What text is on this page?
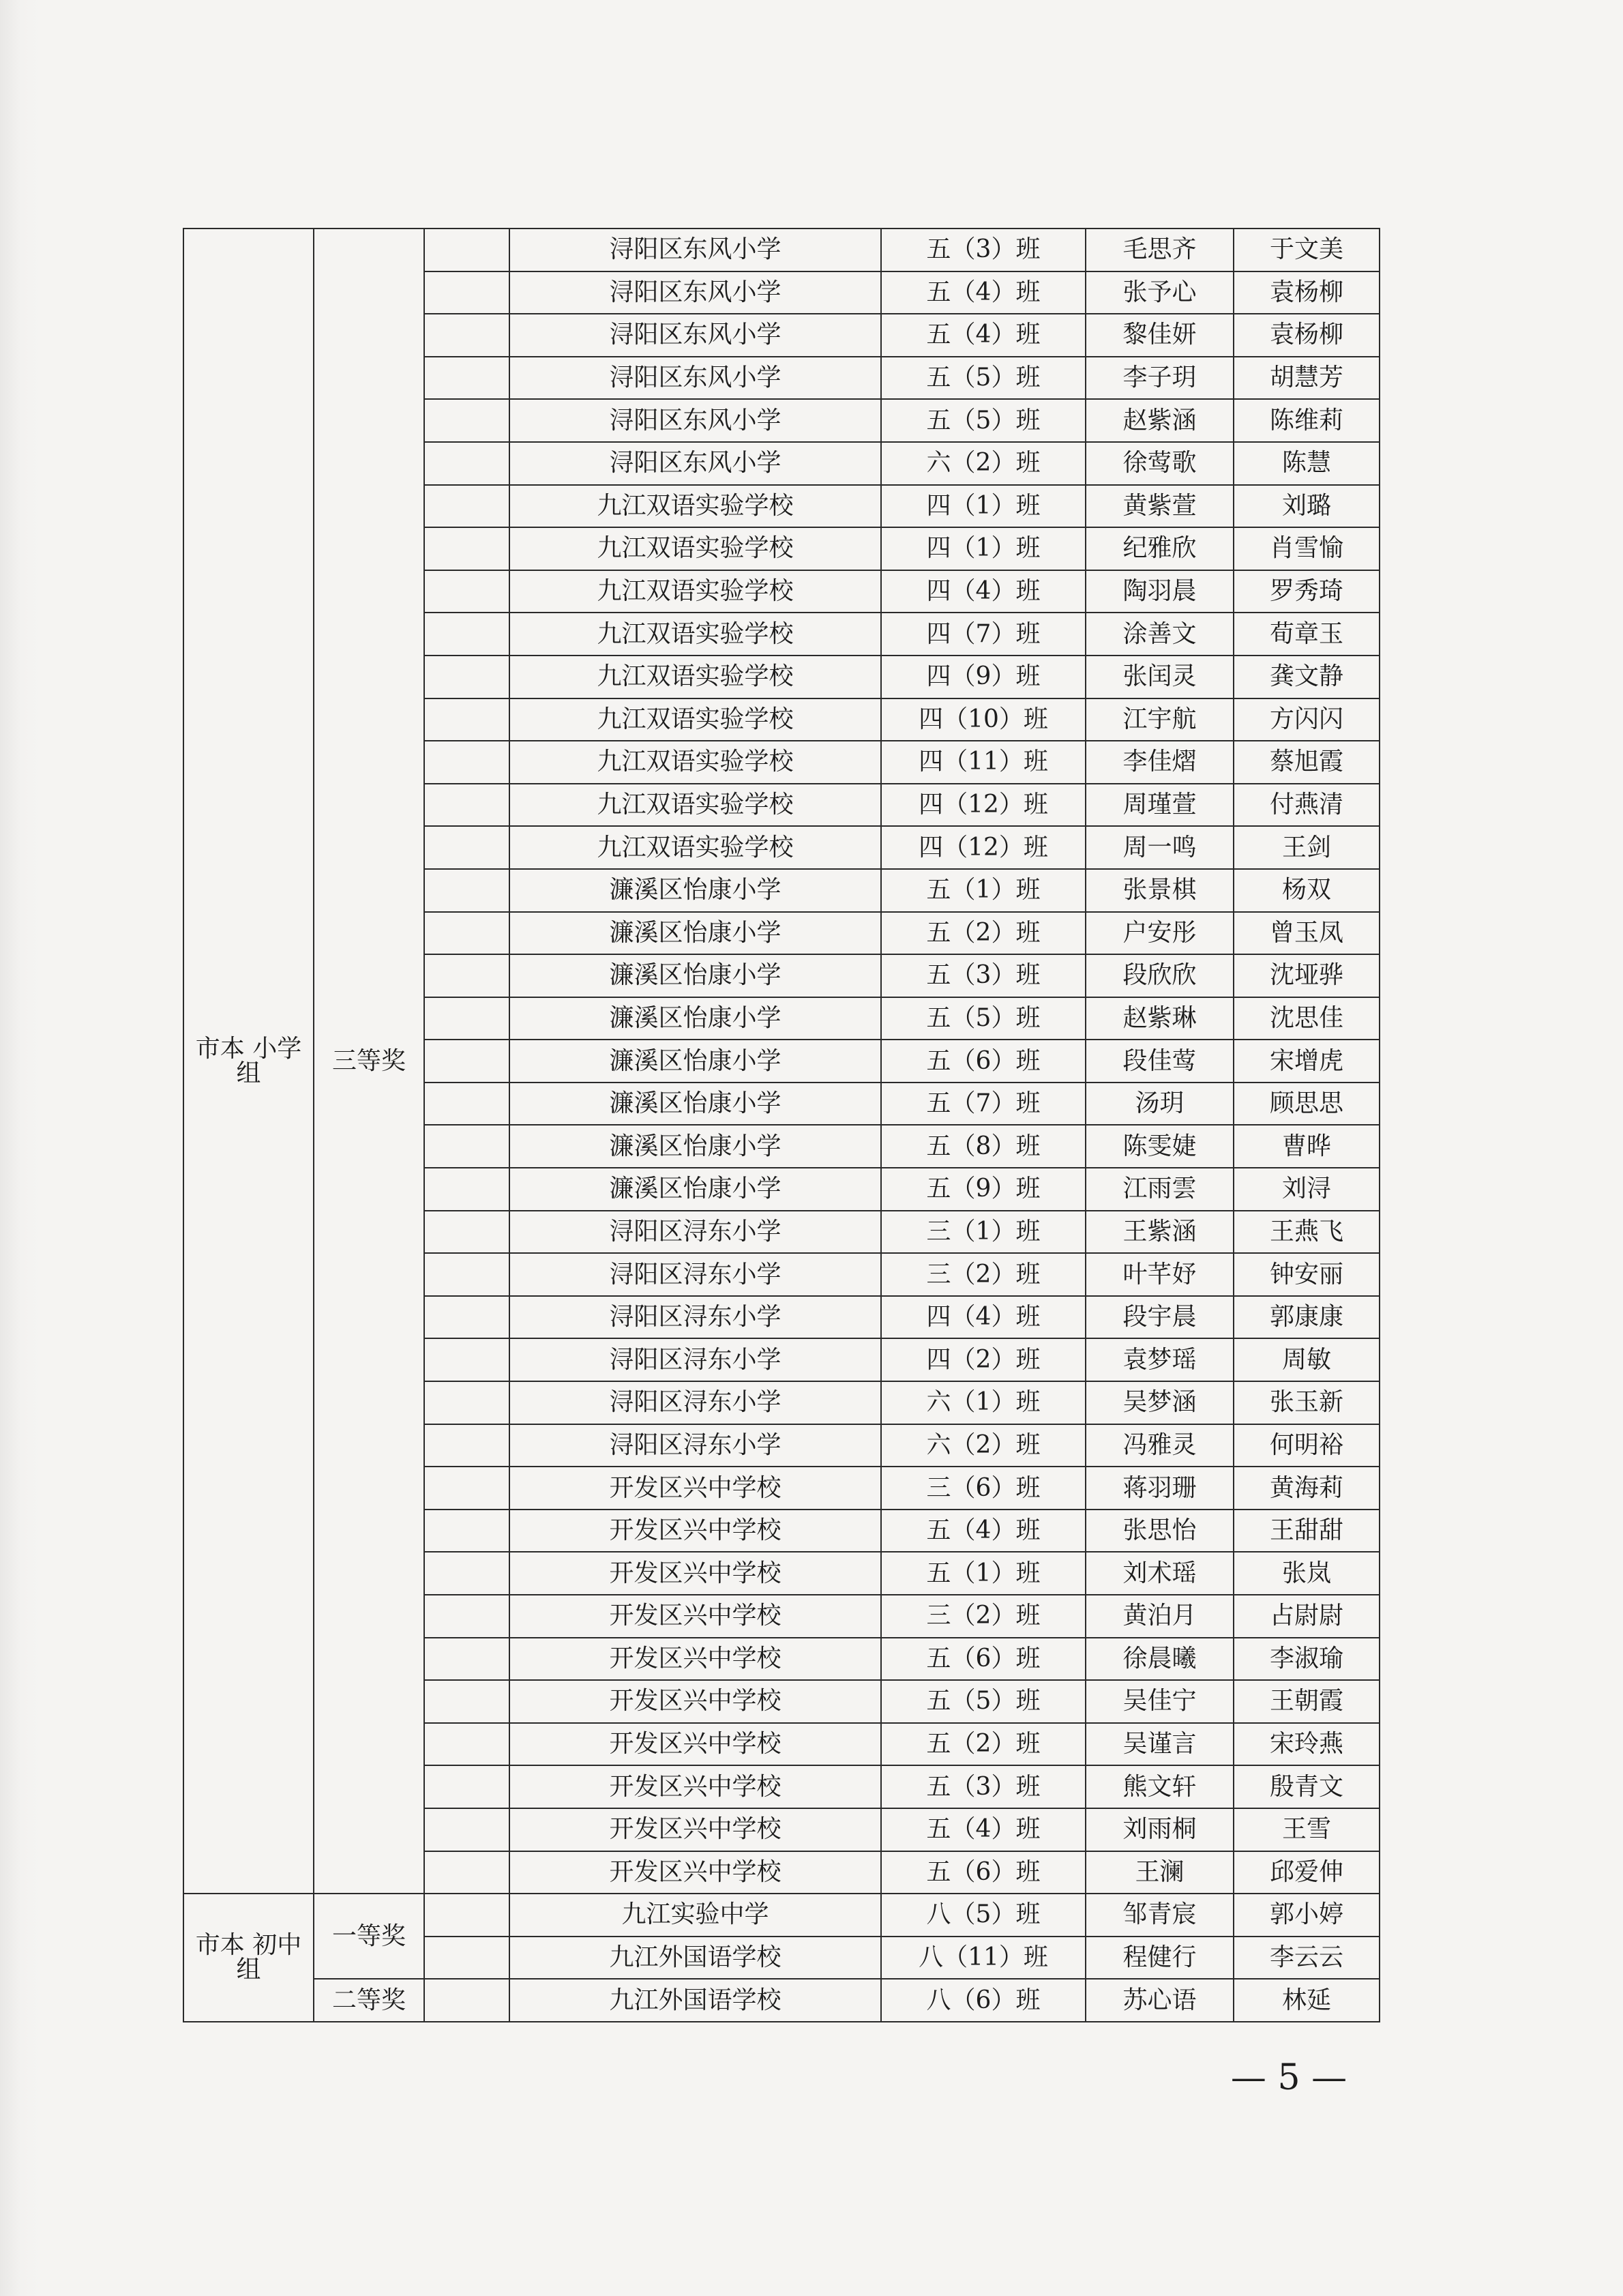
市本 小学组	三等奖		浔阳区东风小学	五（3）班	毛思齐	于文美
			浔阳区东风小学	五（4）班	张予心	袁杨柳
			浔阳区东风小学	五（4）班	黎佳妍	袁杨柳
			浔阳区东风小学	五（5）班	李子玥	胡慧芳
			浔阳区东风小学	五（5）班	赵紫涵	陈维莉
			浔阳区东风小学	六（2）班	徐莺歌	陈慧
			九江双语实验学校	四（1）班	黄紫萱	刘璐
			九江双语实验学校	四（1）班	纪雅欣	肖雪愉
			九江双语实验学校	四（4）班	陶羽晨	罗秀琦
			九江双语实验学校	四（7）班	涂善文	荀章玉
			九江双语实验学校	四（9）班	张闰灵	龚文静
			九江双语实验学校	四（10）班	江宇航	方闪闪
			九江双语实验学校	四（11）班	李佳熠	蔡旭霞
			九江双语实验学校	四（12）班	周瑾萱	付燕清
			九江双语实验学校	四（12）班	周一鸣	王剑
			濂溪区怡康小学	五（1）班	张景棋	杨双
			濂溪区怡康小学	五（2）班	户安彤	曾玉凤
			濂溪区怡康小学	五（3）班	段欣欣	沈垭骅
			濂溪区怡康小学	五（5）班	赵紫琳	沈思佳
			濂溪区怡康小学	五（6）班	段佳莺	宋增虎
			濂溪区怡康小学	五（7）班	汤玥	顾思思
			濂溪区怡康小学	五（8）班	陈雯婕	曹晔
			濂溪区怡康小学	五（9）班	江雨雲	刘浔
			浔阳区浔东小学	三（1）班	王紫涵	王燕飞
			浔阳区浔东小学	三（2）班	叶芊妤	钟安丽
			浔阳区浔东小学	四（4）班	段宇晨	郭康康
			浔阳区浔东小学	四（2）班	袁梦瑶	周敏
			浔阳区浔东小学	六（1）班	吴梦涵	张玉新
			浔阳区浔东小学	六（2）班	冯雅灵	何明裕
			开发区兴中学校	三（6）班	蒋羽珊	黄海莉
			开发区兴中学校	五（4）班	张思怡	王甜甜
			开发区兴中学校	五（1）班	刘术瑶	张岚
			开发区兴中学校	三（2）班	黄泊月	占尉尉
			开发区兴中学校	五（6）班	徐晨曦	李淑瑜
			开发区兴中学校	五（5）班	吴佳宁	王朝霞
			开发区兴中学校	五（2）班	吴谨言	宋玲燕
			开发区兴中学校	五（3）班	熊文轩	殷青文
			开发区兴中学校	五（4）班	刘雨桐	王雪
			开发区兴中学校	五（6）班	王澜	邱爱伸
市本 初中组	一等奖		九江实验中学	八（5）班	邹青宸	郭小婷
			九江外国语学校	八（11）班	程健行	李云云
	二等奖		九江外国语学校	八（6）班	苏心语	林延
— 5 —
